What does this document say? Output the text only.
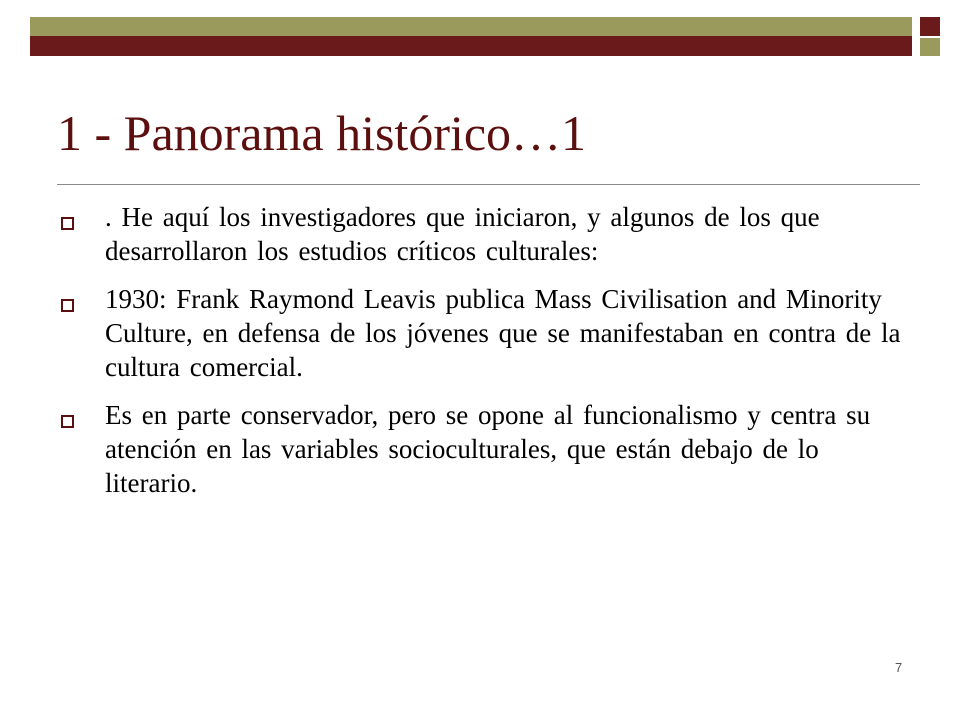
1 - Panorama histórico…1
. He aquí los investigadores que iniciaron, y algunos de los que desarrollaron los estudios críticos culturales:
1930: Frank Raymond Leavis publica Mass Civilisation and Minority Culture, en defensa de los jóvenes que se manifestaban en contra de la cultura comercial.
Es en parte conservador, pero se opone al funcionalismo y centra su atención en las variables socioculturales, que están debajo de lo literario.
7
